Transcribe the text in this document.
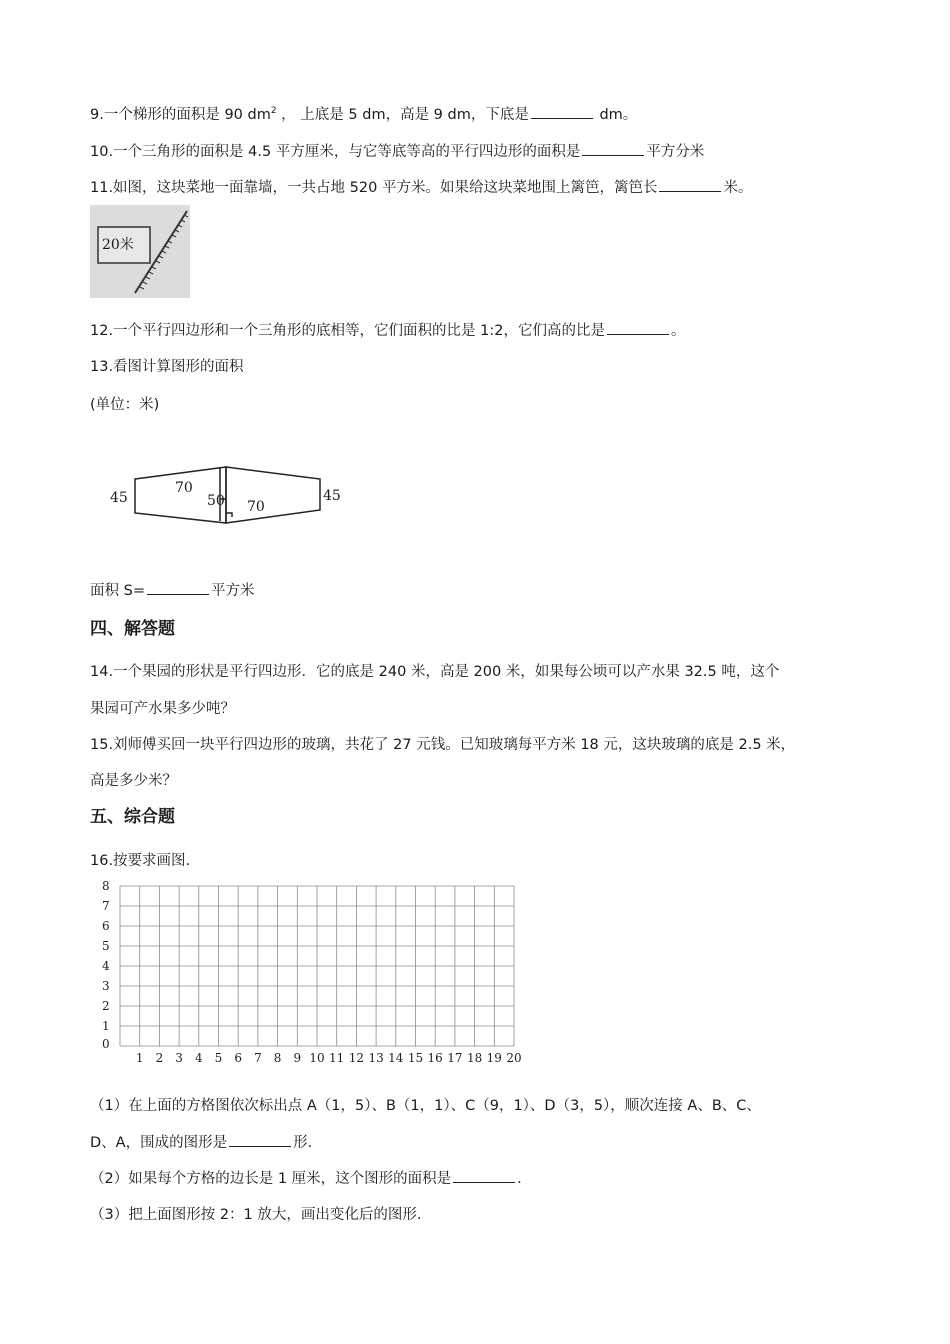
9.一个梯形的面积是 90 $dm^2$ ， 上底是 5 dm，高是 9 dm，下底是	dm。
10.一个三角形的面积是 4.5 平方厘米，与它等底等高的平行四边形的面积是	平方分米
11.如图，这块菜地一面靠墙，一共占地 520 平方米。如果给这块菜地围上篱笆，篱笆长	米。
20米
12.一个平行四边形和一个三角形的底相等，它们面积的比是 1:2，它们高的比是	。
13.看图计算图形的面积
(单位：米)
45
70
50 70
45
面积 S=	平方米
四、解答题
14.一个果园的形状是平行四边形．它的底是 240 米，高是 200 米，如果每公顷可以产水果 32.5 吨，这个
果园可产水果多少吨？
15.刘师傅买回一块平行四边形的玻璃，共花了 27 元钱。已知玻璃每平方米 18 元，这块玻璃的底是 2.5 米，
高是多少米？
五、综合题
16.按要求画图.
0
1
2
3
4
5
6
7
8
1 2 3 4 5 6 7 8 9 10 11 12 13 14 15 16 17 18 19 20
（1）在上面的方格图依次标出点 A（1，5）、B（1，1）、C（9，1）、D（3，5），顺次连接 A、B、C、
D、A，围成的图形是	形.
（2）如果每个方格的边长是 1 厘米，这个图形的面积是	.
（3）把上面图形按 2：1 放大，画出变化后的图形.
